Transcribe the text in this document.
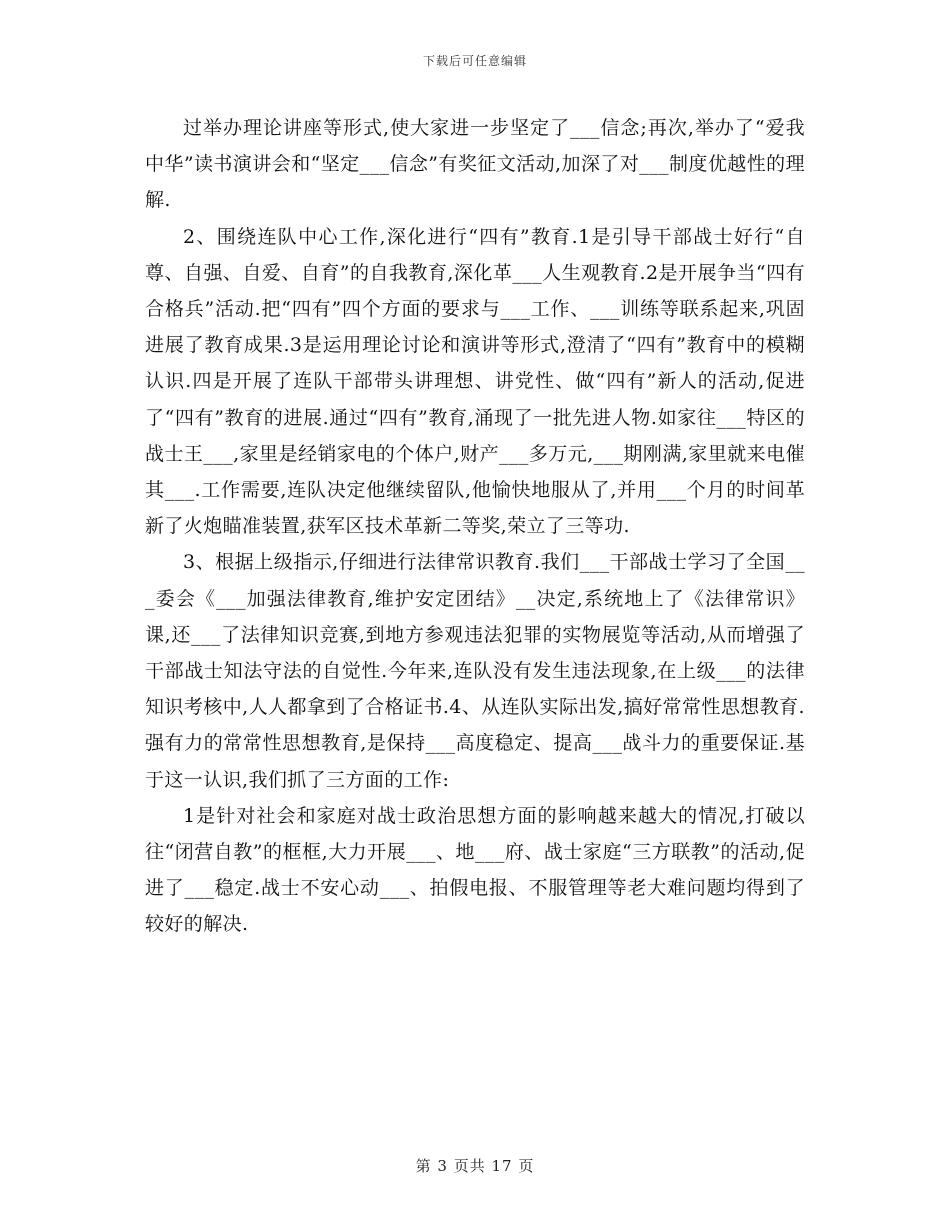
下载后可任意编辑

过举办理论讲座等形式,使大家进一步坚定了___信念;再次,举办了“爱我中华”读书演讲会和“坚定___信念”有奖征文活动,加深了对___制度优越性的理解.

2、围绕连队中心工作,深化进行“四有”教育.1是引导干部战士好行“自尊、自强、自爱、自育”的自我教育,深化革___人生观教育.2是开展争当“四有合格兵”活动.把“四有”四个方面的要求与___工作、___训练等联系起来,巩固进展了教育成果.3是运用理论讨论和演讲等形式,澄清了“四有”教育中的模糊认识.四是开展了连队干部带头讲理想、讲党性、做“四有”新人的活动,促进了“四有”教育的进展.通过“四有”教育,涌现了一批先进人物.如家往___特区的战士王___,家里是经销家电的个体户,财产___多万元,___期刚满,家里就来电催其___.工作需要,连队决定他继续留队,他愉快地服从了,并用___个月的时间革新了火炮瞄准装置,获军区技术革新二等奖,荣立了三等功.

3、根据上级指示,仔细进行法律常识教育.我们___干部战士学习了全国___委会《___加强法律教育,维护安定团结》__决定,系统地上了《法律常识》课,还___了法律知识竞赛,到地方参观违法犯罪的实物展览等活动,从而增强了干部战士知法守法的自觉性.今年来,连队没有发生违法现象,在上级___的法律知识考核中,人人都拿到了合格证书.4、从连队实际出发,搞好常常性思想教育.强有力的常常性思想教育,是保持___高度稳定、提高___战斗力的重要保证.基于这一认识,我们抓了三方面的工作:

1是针对社会和家庭对战士政治思想方面的影响越来越大的情况,打破以往“闭营自教”的框框,大力开展___、地___府、战士家庭“三方联教”的活动,促进了___稳定.战士不安心动___、拍假电报、不服管理等老大难问题均得到了较好的解决.

第 3 页共 17 页
